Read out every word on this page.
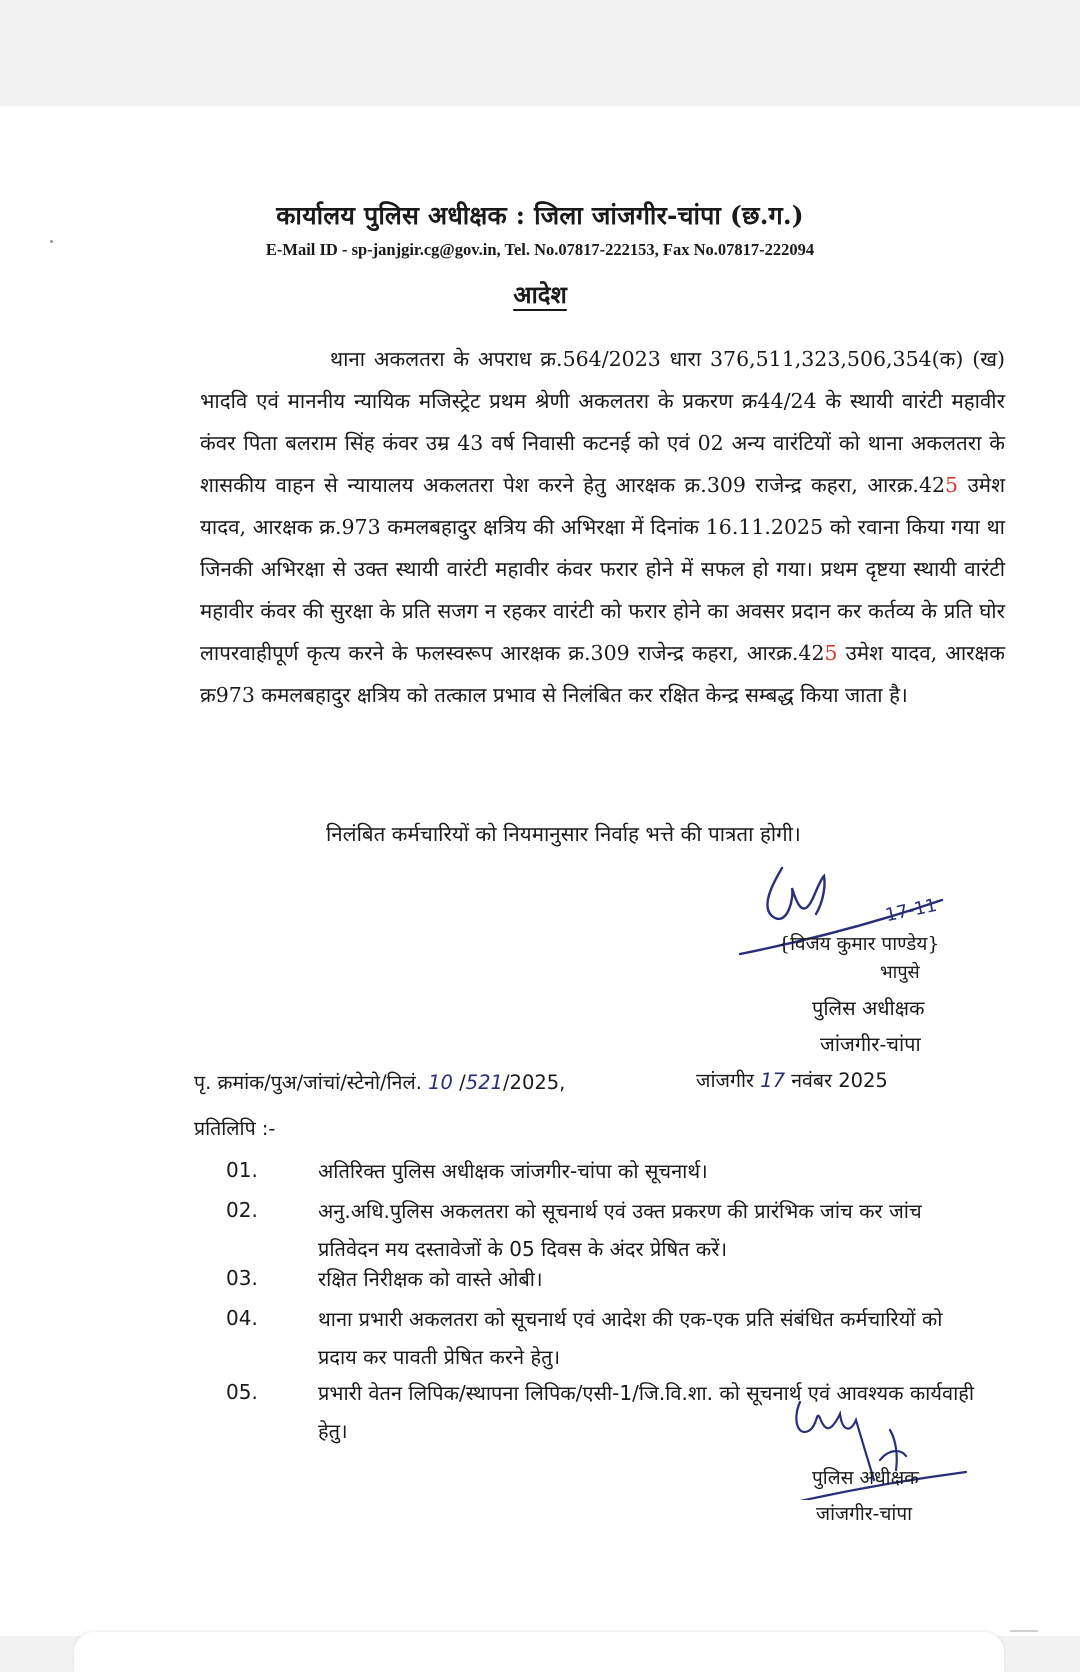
कार्यालय पुलिस अधीक्षक : जिला जांजगीर-चांपा (छ.ग.)
E-Mail ID - sp-janjgir.cg@gov.in, Tel. No.07817-222153, Fax No.07817-222094
आदेश

थाना अकलतरा के अपराध क्र.564/2023 धारा 376,511,323,506,354(क) (ख) भादवि एवं माननीय न्यायिक मजिस्ट्रेट प्रथम श्रेणी अकलतरा के प्रकरण क्र44/24 के स्थायी वारंटी महावीर कंवर पिता बलराम सिंह कंवर उम्र 43 वर्ष निवासी कटनई को एवं 02 अन्य वारंटियों को थाना अकलतरा के शासकीय वाहन से न्यायालय अकलतरा पेश करने हेतु आरक्षक क्र.309 राजेन्द्र कहरा, आरक्र.425 उमेश यादव, आरक्षक क्र.973 कमलबहादुर क्षत्रिय की अभिरक्षा में दिनांक 16.11.2025 को रवाना किया गया था जिनकी अभिरक्षा से उक्त स्थायी वारंटी महावीर कंवर फरार होने में सफल हो गया। प्रथम दृष्टया स्थायी वारंटी महावीर कंवर की सुरक्षा के प्रति सजग न रहकर वारंटी को फरार होने का अवसर प्रदान कर कर्तव्य के प्रति घोर लापरवाहीपूर्ण कृत्य करने के फलस्वरूप आरक्षक क्र.309 राजेन्द्र कहरा, आरक्र.425 उमेश यादव, आरक्षक क्र973 कमलबहादुर क्षत्रिय को तत्काल प्रभाव से निलंबित कर रक्षित केन्द्र सम्बद्ध किया जाता है।

निलंबित कर्मचारियों को नियमानुसार निर्वाह भत्ते की पात्रता होगी।

17-11
{विजय कुमार पाण्डेय}
भापुसे
पुलिस अधीक्षक
जांजगीर-चांपा
पृ. क्रमांक/पुअ/जांचां/स्टेनो/निलं. 10 /521/2025,	जांजगीर 17 नवंबर 2025
प्रतिलिपि :-
01.	अतिरिक्त पुलिस अधीक्षक जांजगीर-चांपा को सूचनार्थ।
02.	अनु.अधि.पुलिस अकलतरा को सूचनार्थ एवं उक्त प्रकरण की प्रारंभिक जांच कर जांच प्रतिवेदन मय दस्तावेजों के 05 दिवस के अंदर प्रेषित करें।
03.	रक्षित निरीक्षक को वास्ते ओबी।
04.	थाना प्रभारी अकलतरा को सूचनार्थ एवं आदेश की एक-एक प्रति संबंधित कर्मचारियों को प्रदाय कर पावती प्रेषित करने हेतु।
05.	प्रभारी वेतन लिपिक/स्थापना लिपिक/एसी-1/जि.वि.शा. को सूचनार्थ एवं आवश्यक कार्यवाही हेतु।
पुलिस अधीक्षक
जांजगीर-चांपा
